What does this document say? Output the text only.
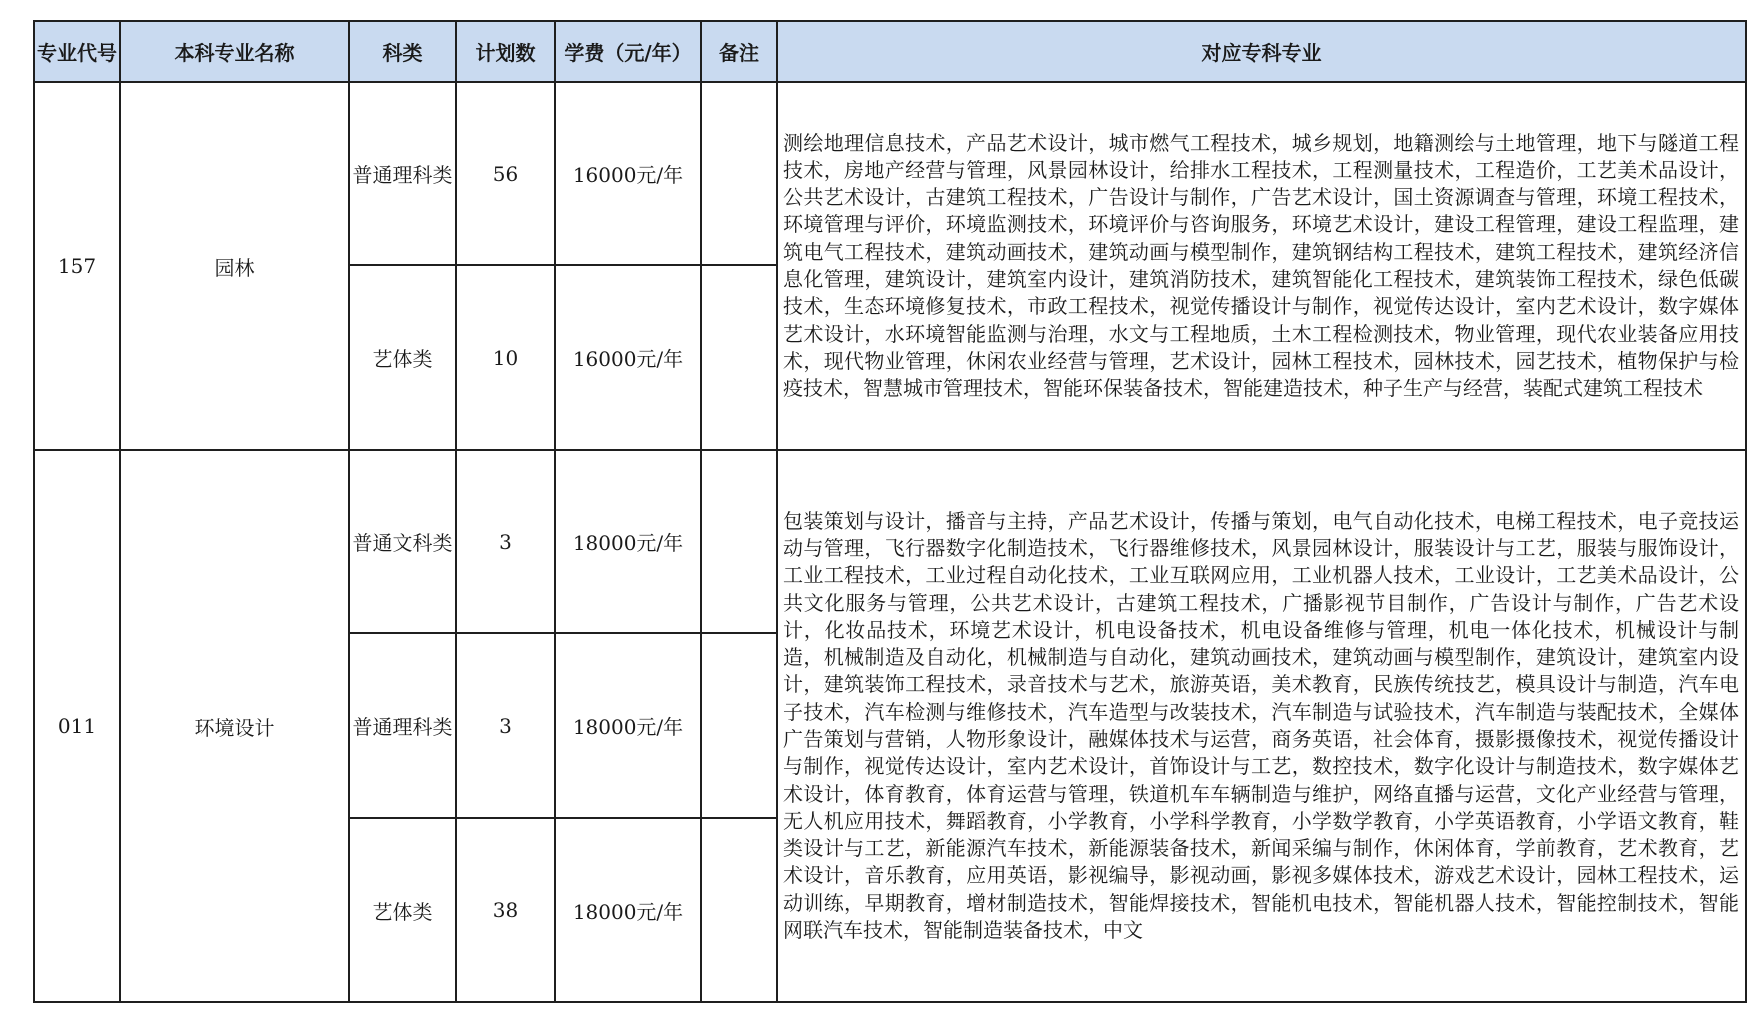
专业代号	本科专业名称	科类	计划数	学费（元/年）	备注	对应专科专业
157	园林	普通理科类	56	16000元/年		测绘地理信息技术，产品艺术设计，城市燃气工程技术，城乡规划，地籍测绘与土地管理，地下与隧道工程技术，房地产经营与管理，风景园林设计，给排水工程技术，工程测量技术，工程造价，工艺美术品设计，公共艺术设计，古建筑工程技术，广告设计与制作，广告艺术设计，国土资源调查与管理，环境工程技术，环境管理与评价，环境监测技术，环境评价与咨询服务，环境艺术设计，建设工程管理，建设工程监理，建筑电气工程技术，建筑动画技术，建筑动画与模型制作，建筑钢结构工程技术，建筑工程技术，建筑经济信息化管理，建筑设计，建筑室内设计，建筑消防技术，建筑智能化工程技术，建筑装饰工程技术，绿色低碳技术，生态环境修复技术，市政工程技术，视觉传播设计与制作，视觉传达设计，室内艺术设计，数字媒体艺术设计，水环境智能监测与治理，水文与工程地质，土木工程检测技术，物业管理，现代农业装备应用技术，现代物业管理，休闲农业经营与管理，艺术设计，园林工程技术，园林技术，园艺技术，植物保护与检疫技术，智慧城市管理技术，智能环保装备技术，智能建造技术，种子生产与经营，装配式建筑工程技术
		艺体类	10	16000元/年		
011	环境设计	普通文科类	3	18000元/年		包装策划与设计，播音与主持，产品艺术设计，传播与策划，电气自动化技术，电梯工程技术，电子竞技运动与管理，飞行器数字化制造技术，飞行器维修技术，风景园林设计，服装设计与工艺，服装与服饰设计，工业工程技术，工业过程自动化技术，工业互联网应用，工业机器人技术，工业设计，工艺美术品设计，公共文化服务与管理，公共艺术设计，古建筑工程技术，广播影视节目制作，广告设计与制作，广告艺术设计，化妆品技术，环境艺术设计，机电设备技术，机电设备维修与管理，机电一体化技术，机械设计与制造，机械制造及自动化，机械制造与自动化，建筑动画技术，建筑动画与模型制作，建筑设计，建筑室内设计，建筑装饰工程技术，录音技术与艺术，旅游英语，美术教育，民族传统技艺，模具设计与制造，汽车电子技术，汽车检测与维修技术，汽车造型与改装技术，汽车制造与试验技术，汽车制造与装配技术，全媒体广告策划与营销，人物形象设计，融媒体技术与运营，商务英语，社会体育，摄影摄像技术，视觉传播设计与制作，视觉传达设计，室内艺术设计，首饰设计与工艺，数控技术，数字化设计与制造技术，数字媒体艺术设计，体育教育，体育运营与管理，铁道机车车辆制造与维护，网络直播与运营，文化产业经营与管理，无人机应用技术，舞蹈教育，小学教育，小学科学教育，小学数学教育，小学英语教育，小学语文教育，鞋类设计与工艺，新能源汽车技术，新能源装备技术，新闻采编与制作，休闲体育，学前教育，艺术教育，艺术设计，音乐教育，应用英语，影视编导，影视动画，影视多媒体技术，游戏艺术设计，园林工程技术，运动训练，早期教育，增材制造技术，智能焊接技术，智能机电技术，智能机器人技术，智能控制技术，智能网联汽车技术，智能制造装备技术，中文
		普通理科类	3	18000元/年		
		艺体类	38	18000元/年		
